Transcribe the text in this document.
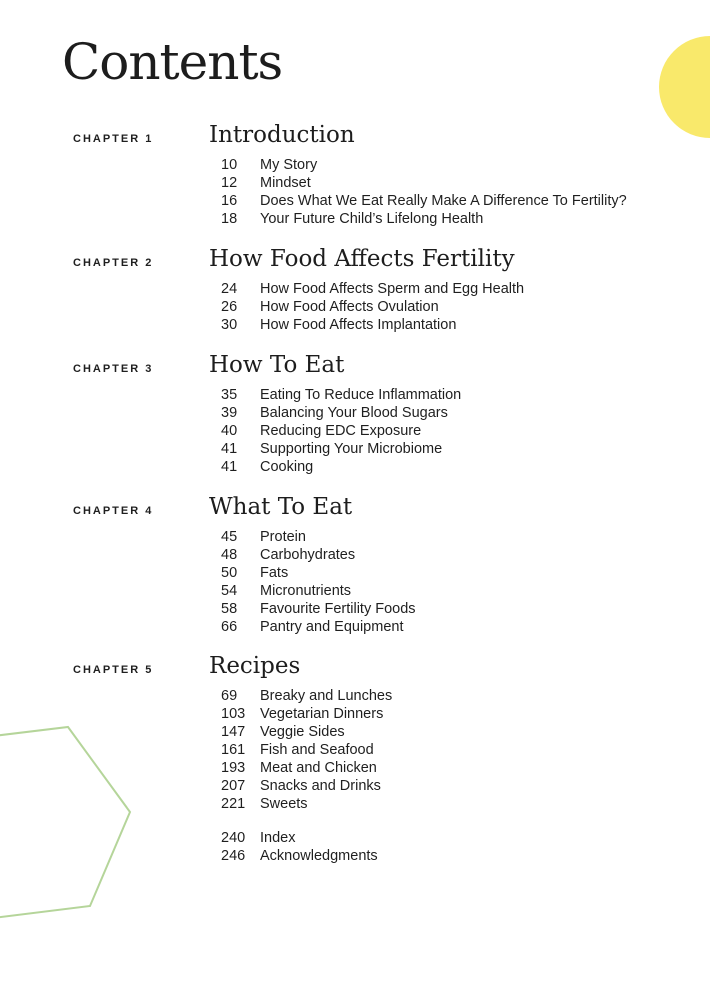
Contents
CHAPTER 1 Introduction
10 My Story
12 Mindset
16 Does What We Eat Really Make A Difference To Fertility?
18 Your Future Child’s Lifelong Health
CHAPTER 2 How Food Affects Fertility
24 How Food Affects Sperm and Egg Health
26 How Food Affects Ovulation
30 How Food Affects Implantation
CHAPTER 3 How To Eat
35 Eating To Reduce Inflammation
39 Balancing Your Blood Sugars
40 Reducing EDC Exposure
41 Supporting Your Microbiome
41 Cooking
CHAPTER 4 What To Eat
45 Protein
48 Carbohydrates
50 Fats
54 Micronutrients
58 Favourite Fertility Foods
66 Pantry and Equipment
CHAPTER 5 Recipes
69 Breaky and Lunches
103 Vegetarian Dinners
147 Veggie Sides
161 Fish and Seafood
193 Meat and Chicken
207 Snacks and Drinks
221 Sweets
240 Index
246 Acknowledgments
